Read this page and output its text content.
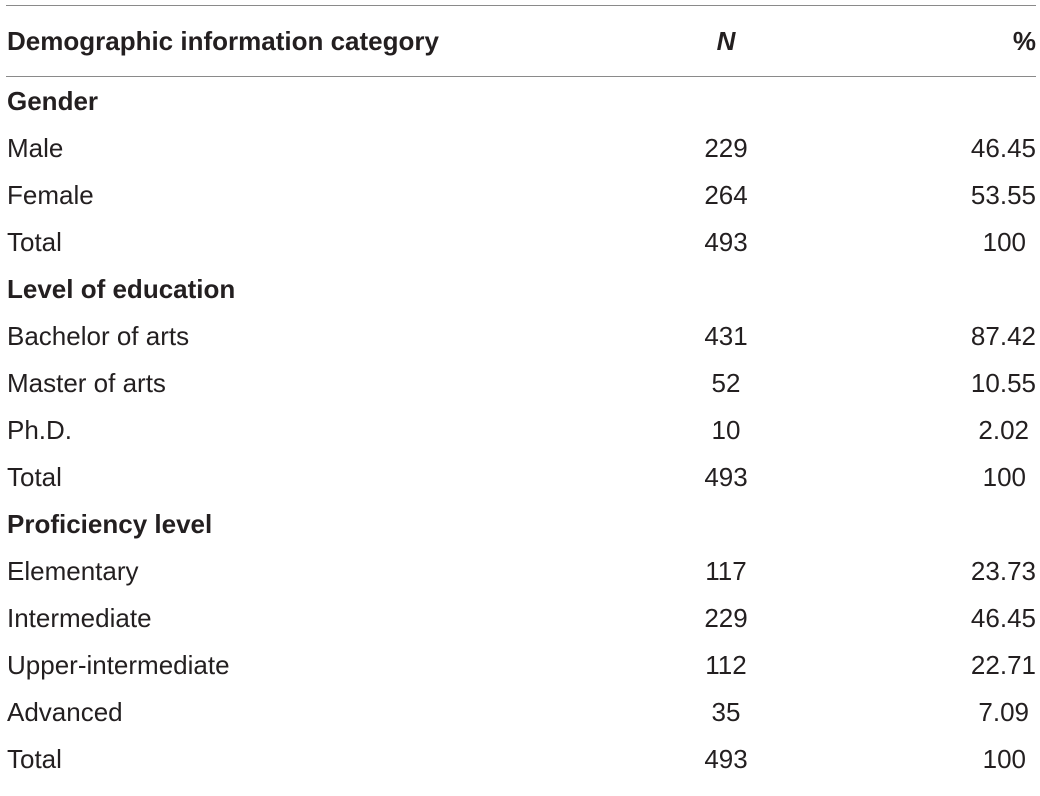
Demographic information category	N	%
Gender
Male	229	46.45
Female	264	53.55
Total	493	100
Level of education
Bachelor of arts	431	87.42
Master of arts	52	10.55
Ph.D.	10	2.02
Total	493	100
Proficiency level
Elementary	117	23.73
Intermediate	229	46.45
Upper-intermediate	112	22.71
Advanced	35	7.09
Total	493	100
